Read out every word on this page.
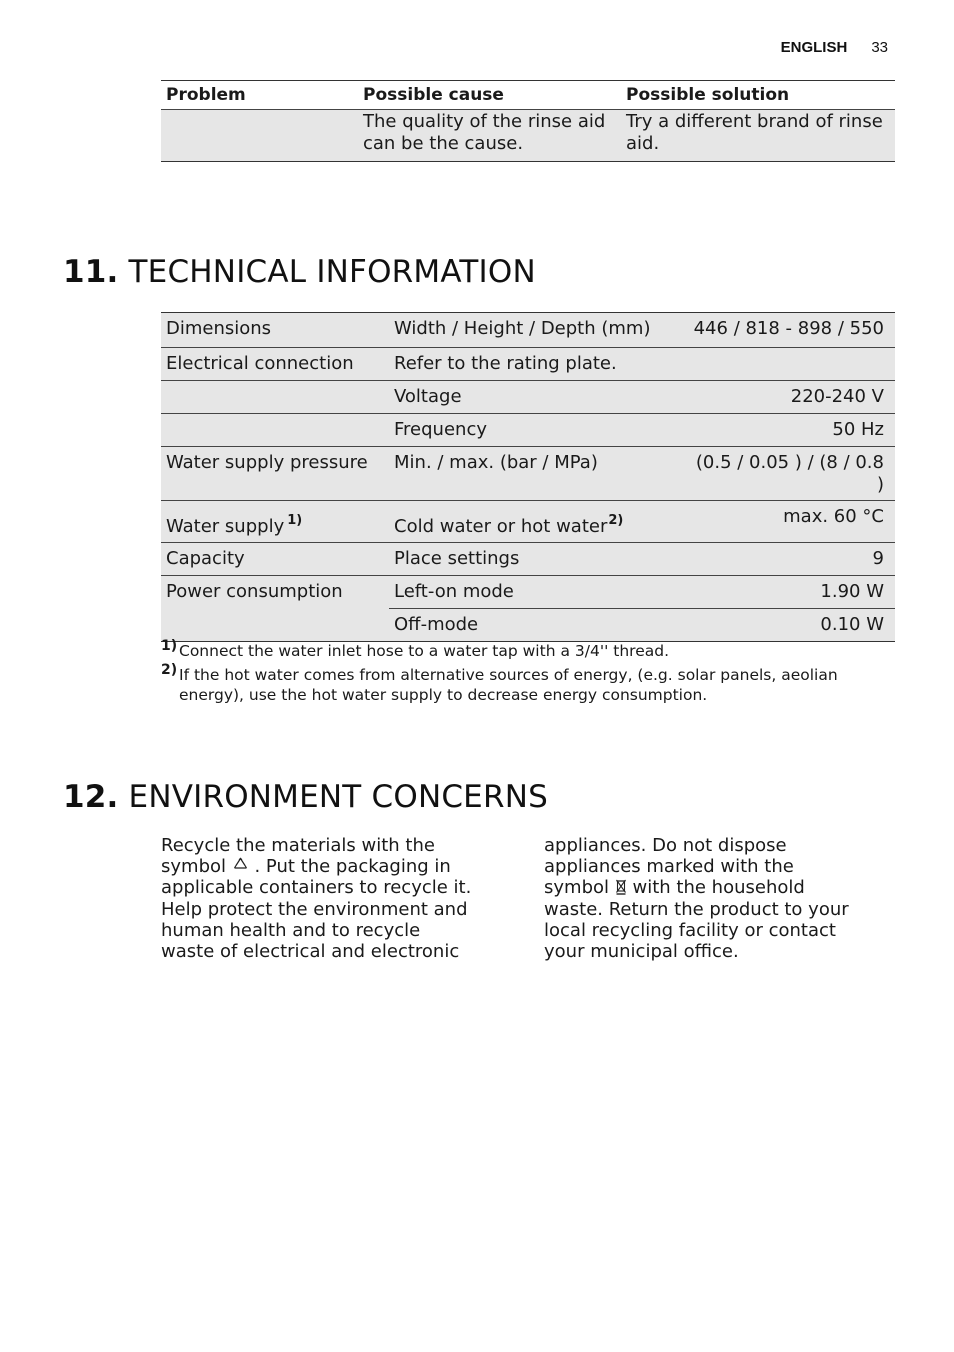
ENGLISH 33
Problem	Possible cause	Possible solution
	The quality of the rinse aid can be the cause.	Try a different brand of rinse aid.
11. TECHNICAL INFORMATION
Dimensions	Width / Height / Depth (mm)	446 / 818 - 898 / 550
Electrical connection	Refer to the rating plate.	
	Voltage	220-240 V
	Frequency	50 Hz
Water supply pressure	Min. / max. (bar / MPa)	(0.5 / 0.05 ) / (8 / 0.8 )
Water supply $^{1)}$	Cold water or hot water$^{2)}$	max. 60 °C
Capacity	Place settings	9
Power consumption	Left-on mode	1.90 W
	Off-mode	0.10 W
1) Connect the water inlet hose to a water tap with a 3/4'' thread.
2) If the hot water comes from alternative sources of energy, (e.g. solar panels, aeolian energy), use the hot water supply to decrease energy consumption.
12. ENVIRONMENT CONCERNS

Recycle the materials with the symbol . Put the packaging in applicable containers to recycle it. Help protect the environment and human health and to recycle waste of electrical and electronic

appliances. Do not dispose appliances marked with the symbol with the household waste. Return the product to your local recycling facility or contact your municipal office.
